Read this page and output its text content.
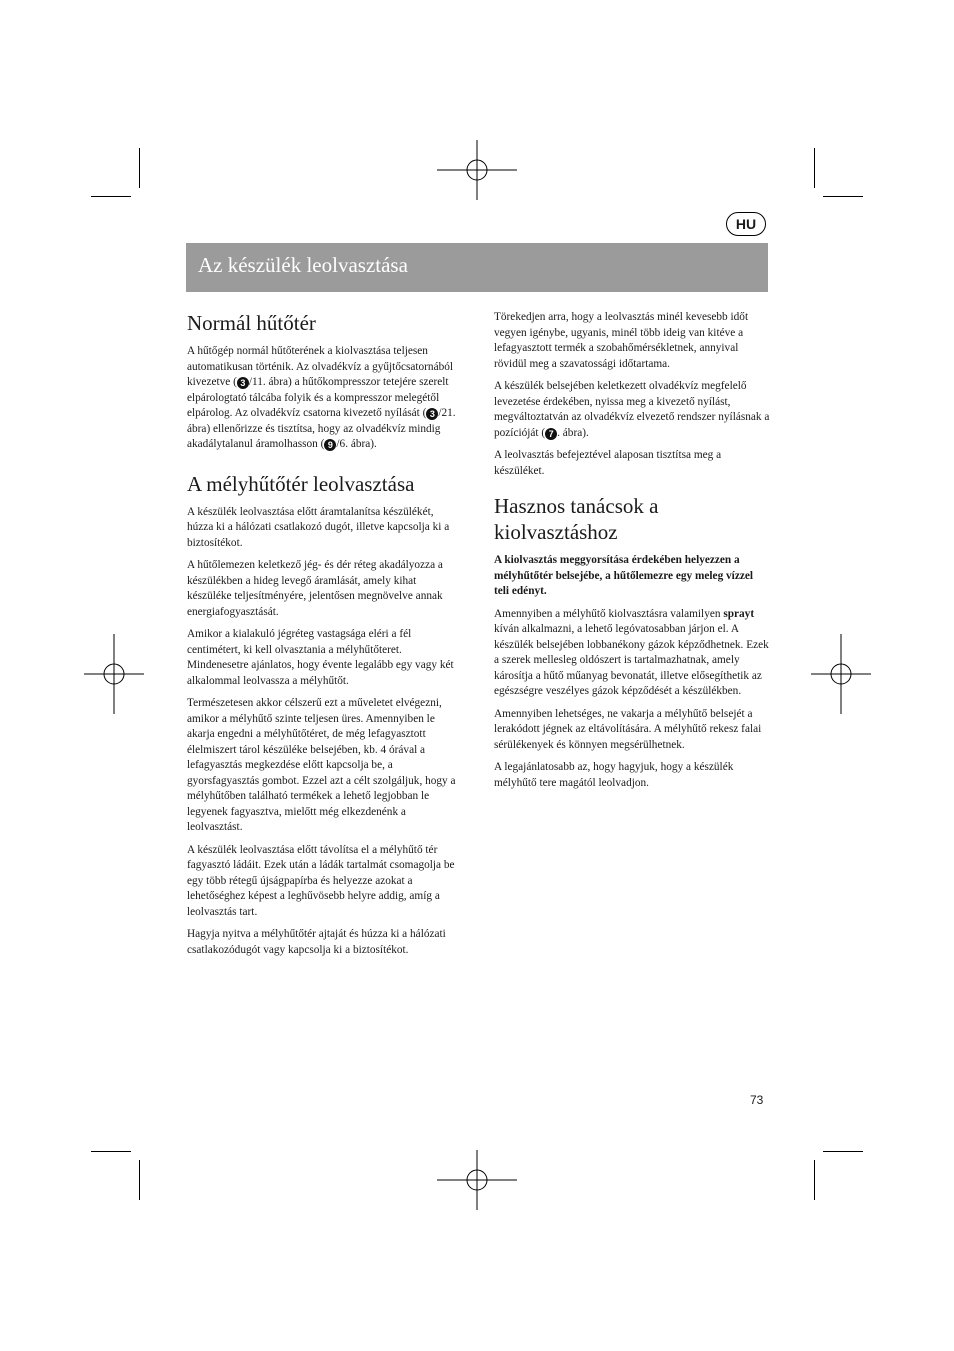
HU
Az készülék leolvasztása
Normál hűtőtér

A hűtőgép normál hűtőterének a kiolvasztása teljesen automatikusan történik. Az olvadékvíz a gyűjtőcsatornából kivezetve ( 3 /11. ábra) a hűtőkompresszor tetejére szerelt elpárologtató tálcába folyik és a kompresszor melegétől elpárolog. Az olvadékvíz csatorna kivezető nyílását ( 3 /21. ábra) ellenőrizze és tisztítsa, hogy az olvadékvíz mindig akadálytalanul áramolhasson ( 9 /6. ábra).

A mélyhűtőtér leolvasztása

A készülék leolvasztása előtt áramtalanítsa készülékét, húzza ki a hálózati csatlakozó dugót, illetve kapcsolja ki a biztosítékot.

A hűtőlemezen keletkező jég- és dér réteg akadályozza a készülékben a hideg levegő áramlását, amely kihat készüléke teljesítményére, jelentősen megnövelve annak energiafogyasztását.

Amikor a kialakuló jégréteg vastagsága eléri a fél centimétert, ki kell olvasztania a mélyhűtőteret. Mindenesetre ajánlatos, hogy évente legalább egy vagy két alkalommal leolvassza a mélyhűtőt.

Természetesen akkor célszerű ezt a műveletet elvégezni, amikor a mélyhűtő szinte teljesen üres. Amennyiben le akarja engedni a mélyhűtőtéret, de még lefagyasztott élelmiszert tárol készüléke belsejében, kb. 4 órával a lefagyasztás megkezdése előtt kapcsolja be, a gyorsfagyasztás gombot. Ezzel azt a célt szolgáljuk, hogy a mélyhűtőben található termékek a lehető legjobban le legyenek fagyasztva, mielőtt még elkezdenénk a leolvasztást.

A készülék leolvasztása előtt távolítsa el a mélyhűtő tér fagyasztó ládáit. Ezek után a ládák tartalmát csomagolja be egy több rétegű újságpapírba és helyezze azokat a lehetőséghez képest a leghűvösebb helyre addig, amíg a leolvasztás tart.

Hagyja nyitva a mélyhűtőtér ajtaját és húzza ki a hálózati csatlakozódugót vagy kapcsolja ki a biztosítékot.

Törekedjen arra, hogy a leolvasztás minél kevesebb időt vegyen igénybe, ugyanis, minél több ideig van kitéve a lefagyasztott termék a szobahőmérsékletnek, annyival rövidül meg a szavatossági időtartama.

A készülék belsejében keletkezett olvadékvíz megfelelő levezetése érdekében, nyissa meg a kivezető nyílást, megváltoztatván az olvadékvíz elvezető rendszer nyílásnak a pozícióját ( 7 . ábra).

A leolvasztás befejeztével alaposan tisztítsa meg a készüléket.

Hasznos tanácsok a kiolvasztáshoz

A kiolvasztás meggyorsítása érdekében helyezzen a mélyhűtőtér belsejébe, a hűtőlemezre egy meleg vízzel teli edényt.

Amennyiben a mélyhűtő kiolvasztásra valamilyen sprayt kíván alkalmazni, a lehető legóvatosabban járjon el. A készülék belsejében lobbanékony gázok képződhetnek. Ezek a szerek mellesleg oldószert is tartalmazhatnak, amely károsítja a hűtő műanyag bevonatát, illetve elősegíthetik az egészségre veszélyes gázok képződését a készülékben.

Amennyiben lehetséges, ne vakarja a mélyhűtő belsejét a lerakódott jégnek az eltávolítására. A mélyhűtő rekesz falai sérülékenyek és könnyen megsérülhetnek.

A legajánlatosabb az, hogy hagyjuk, hogy a készülék mélyhűtő tere magától leolvadjon.

73
